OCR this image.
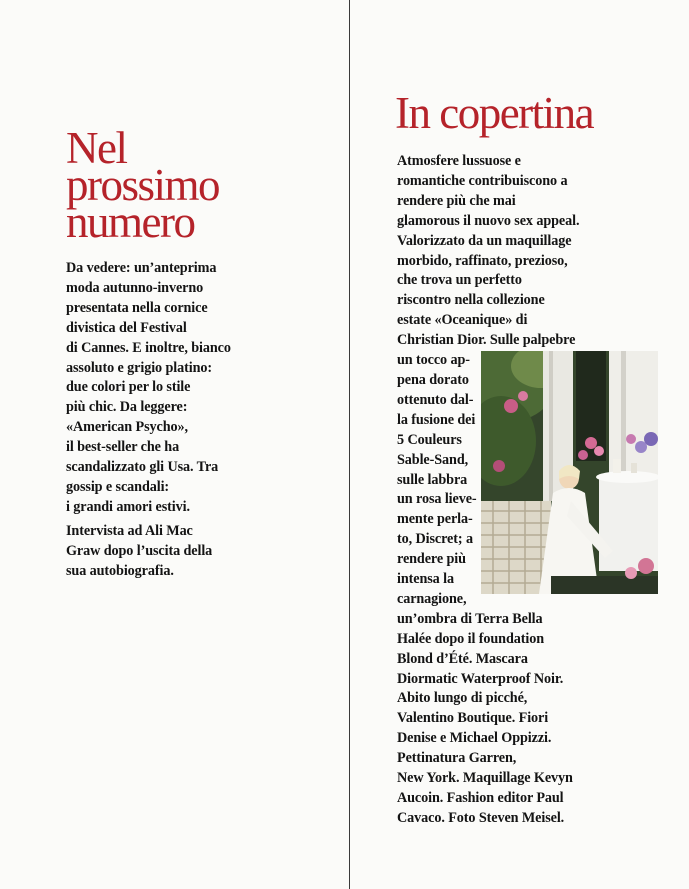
Nel
prossimo
numero
Da vedere: un’anteprima
moda autunno-inverno
presentata nella cornice
divistica del Festival
di Cannes. E inoltre, bianco
assoluto e grigio platino:
due colori per lo stile
più chic. Da leggere:
«American Psycho»,
il best-seller che ha
scandalizzato gli Usa. Tra
gossip e scandali:
i grandi amori estivi.
Intervista ad Ali Mac
Graw dopo l’uscita della
sua autobiografia.
In copertina
Atmosfere lussuose e
romantiche contribuiscono a
rendere più che mai
glamorous il nuovo sex appeal.
Valorizzato da un maquillage
morbido, raffinato, prezioso,
che trova un perfetto
riscontro nella collezione
estate «Oceanique» di
Christian Dior. Sulle palpebre
un tocco ap-
pena dorato
ottenuto dal-
la fusione dei
5 Couleurs
Sable-Sand,
sulle labbra
un rosa lieve-
mente perla-
to, Discret; a
rendere più
intensa la
carnagione,
un’ombra di Terra Bella
Halée dopo il foundation
Blond d’Été. Mascara
Diormatic Waterproof Noir.
Abito lungo di picché,
Valentino Boutique. Fiori
Denise e Michael Oppizzi.
Pettinatura Garren,
New York. Maquillage Kevyn
Aucoin. Fashion editor Paul
Cavaco. Foto Steven Meisel.
